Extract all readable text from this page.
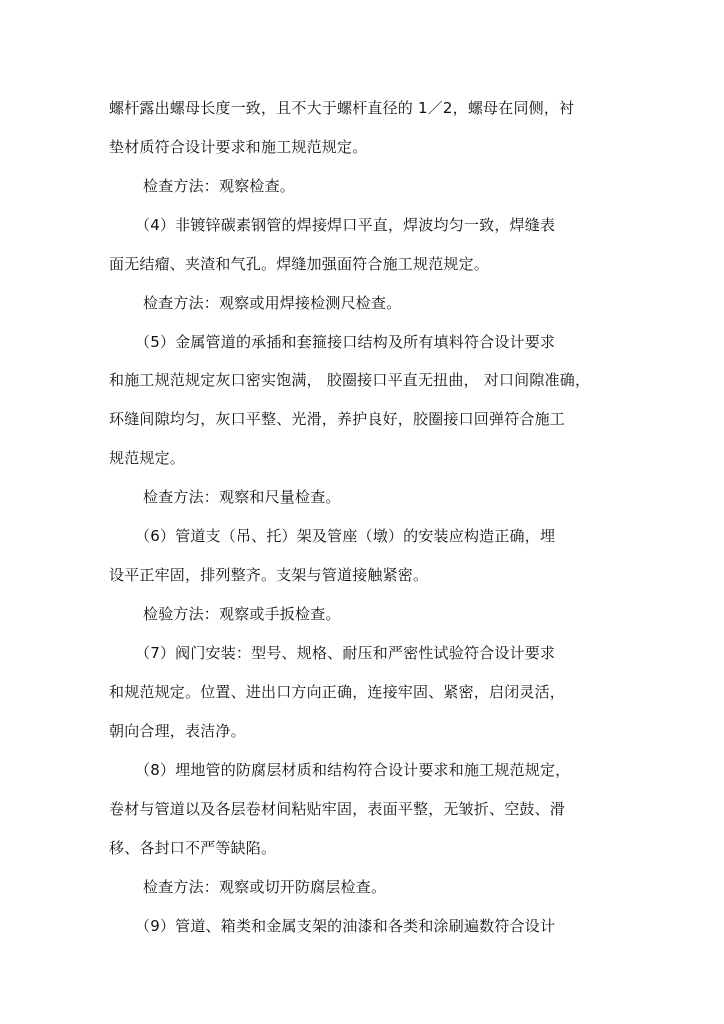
螺杆露出螺母长度一致，且不大于螺杆直径的 1／2，螺母在同侧，衬
垫材质符合设计要求和施工规范规定。
检查方法：观察检查。
（4）非镀锌碳素钢管的焊接焊口平直，焊波均匀一致，焊缝表
面无结瘤、夹渣和气孔。焊缝加强面符合施工规范规定。
检查方法：观察或用焊接检测尺检查。
（5）金属管道的承插和套箍接口结构及所有填料符合设计要求
和施工规范规定灰口密实饱满， 胶圈接口平直无扭曲， 对口间隙准确，
环缝间隙均匀，灰口平整、光滑，养护良好，胶圈接口回弹符合施工
规范规定。
检查方法：观察和尺量检查。
（6）管道支（吊、托）架及管座（墩）的安装应构造正确，埋
设平正牢固，排列整齐。支架与管道接触紧密。
检验方法：观察或手扳检查。
（7）阀门安装：型号、规格、耐压和严密性试验符合设计要求
和规范规定。位置、进出口方向正确，连接牢固、紧密，启闭灵活，
朝向合理，表洁净。
（8）埋地管的防腐层材质和结构符合设计要求和施工规范规定，
卷材与管道以及各层卷材间粘贴牢固，表面平整，无皱折、空鼓、滑
移、各封口不严等缺陷。
检查方法：观察或切开防腐层检查。
（9）管道、箱类和金属支架的油漆和各类和涂刷遍数符合设计
